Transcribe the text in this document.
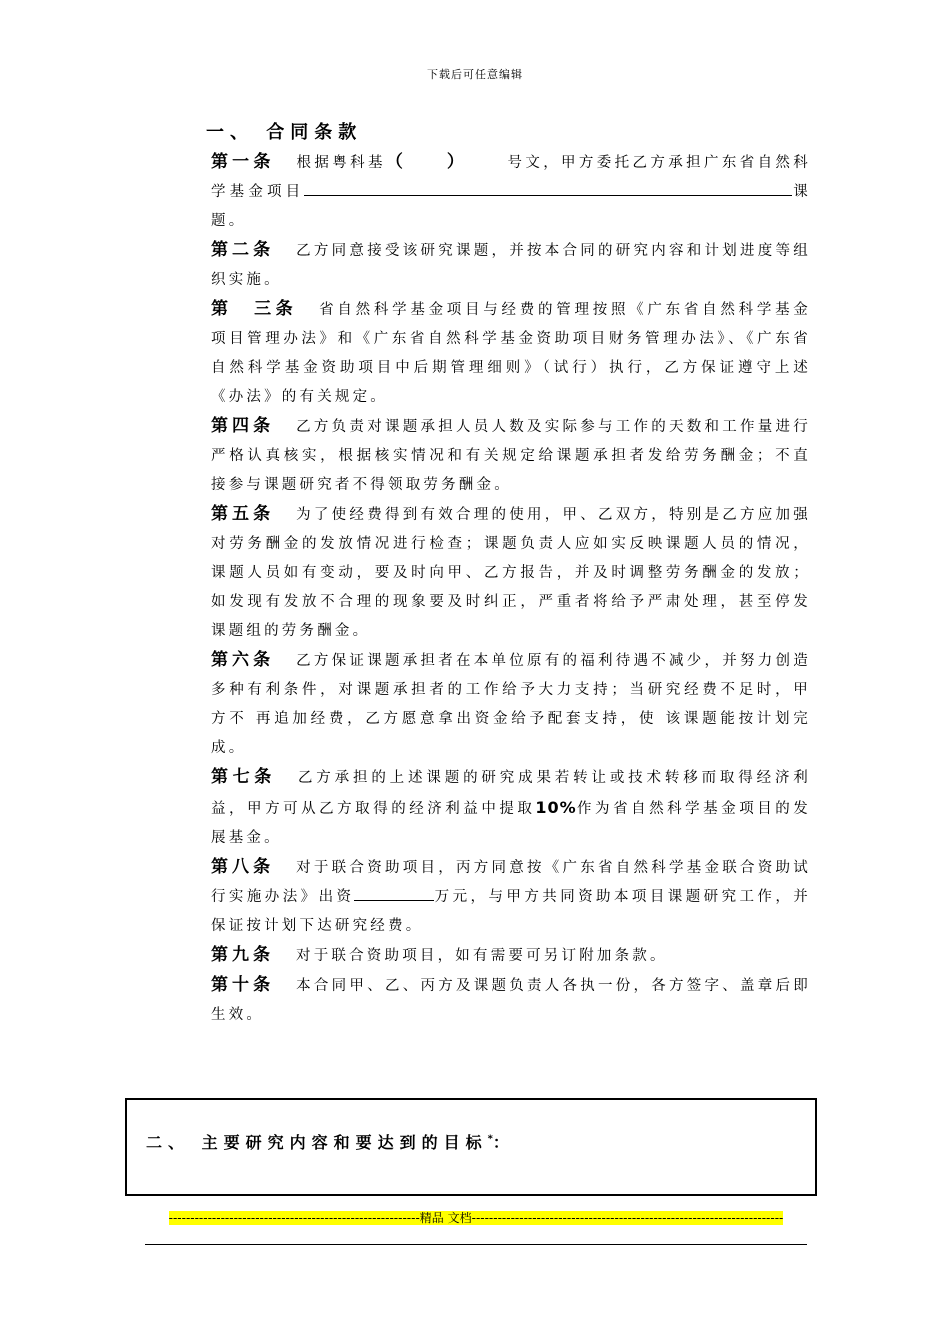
下载后可任意编辑
一、 合同条款

第一条 根据粤科基（　　）	号文，甲方委托乙方承担广东省自然科学基金项目	课题。

第二条 乙方同意接受该研究课题，并按本合同的研究内容和计划进度等组织实施。

第　三条 省自然科学基金项目与经费的管理按照《广东省自然科学基金项目管理办法》和《广东省自然科学基金资助项目财务管理办法》、《广东省自然科学基金资助项目中后期管理细则》（试行）执行，乙方保证遵守上述《办法》的有关规定。

第四条 乙方负责对课题承担人员人数及实际参与工作的天数和工作量进行严格认真核实，根据核实情况和有关规定给课题承担者发给劳务酬金；不直接参与课题研究者不得领取劳务酬金。

第五条 为了使经费得到有效合理的使用，甲、乙双方，特别是乙方应加强对劳务酬金的发放情况进行检查；课题负责人应如实反映课题人员的情况，课题人员如有变动，要及时向甲、乙方报告，并及时调整劳务酬金的发放；如发现有发放不合理的现象要及时纠正，严重者将给予严肃处理，甚至停发课题组的劳务酬金。

第六条 乙方保证课题承担者在本单位原有的福利待遇不减少，并努力创造多种有利条件，对课题承担者的工作给予大力支持；当研究经费不足时，甲方不 再追加经费，乙方愿意拿出资金给予配套支持，使 该课题能按计划完成。

第七条 乙方承担的上述课题的研究成果若转让或技术转移而取得经济利益，甲方可从乙方取得的经济利益中提取10%作为省自然科学基金项目的发展基金。

第八条 对于联合资助项目，丙方同意按《广东省自然科学基金联合资助试行实施办法》出资	万元，与甲方共同资助本项目课题研究工作，并保证按计划下达研究经费。

第九条 对于联合资助项目，如有需要可另订附加条款。

第十条 本合同甲、乙、丙方及课题负责人各执一份，各方签字、盖章后即生效。

二、 主要研究内容和要达到的目标*：
----------------------------------------------------------精品 文档------------------------------------------------------------------------
